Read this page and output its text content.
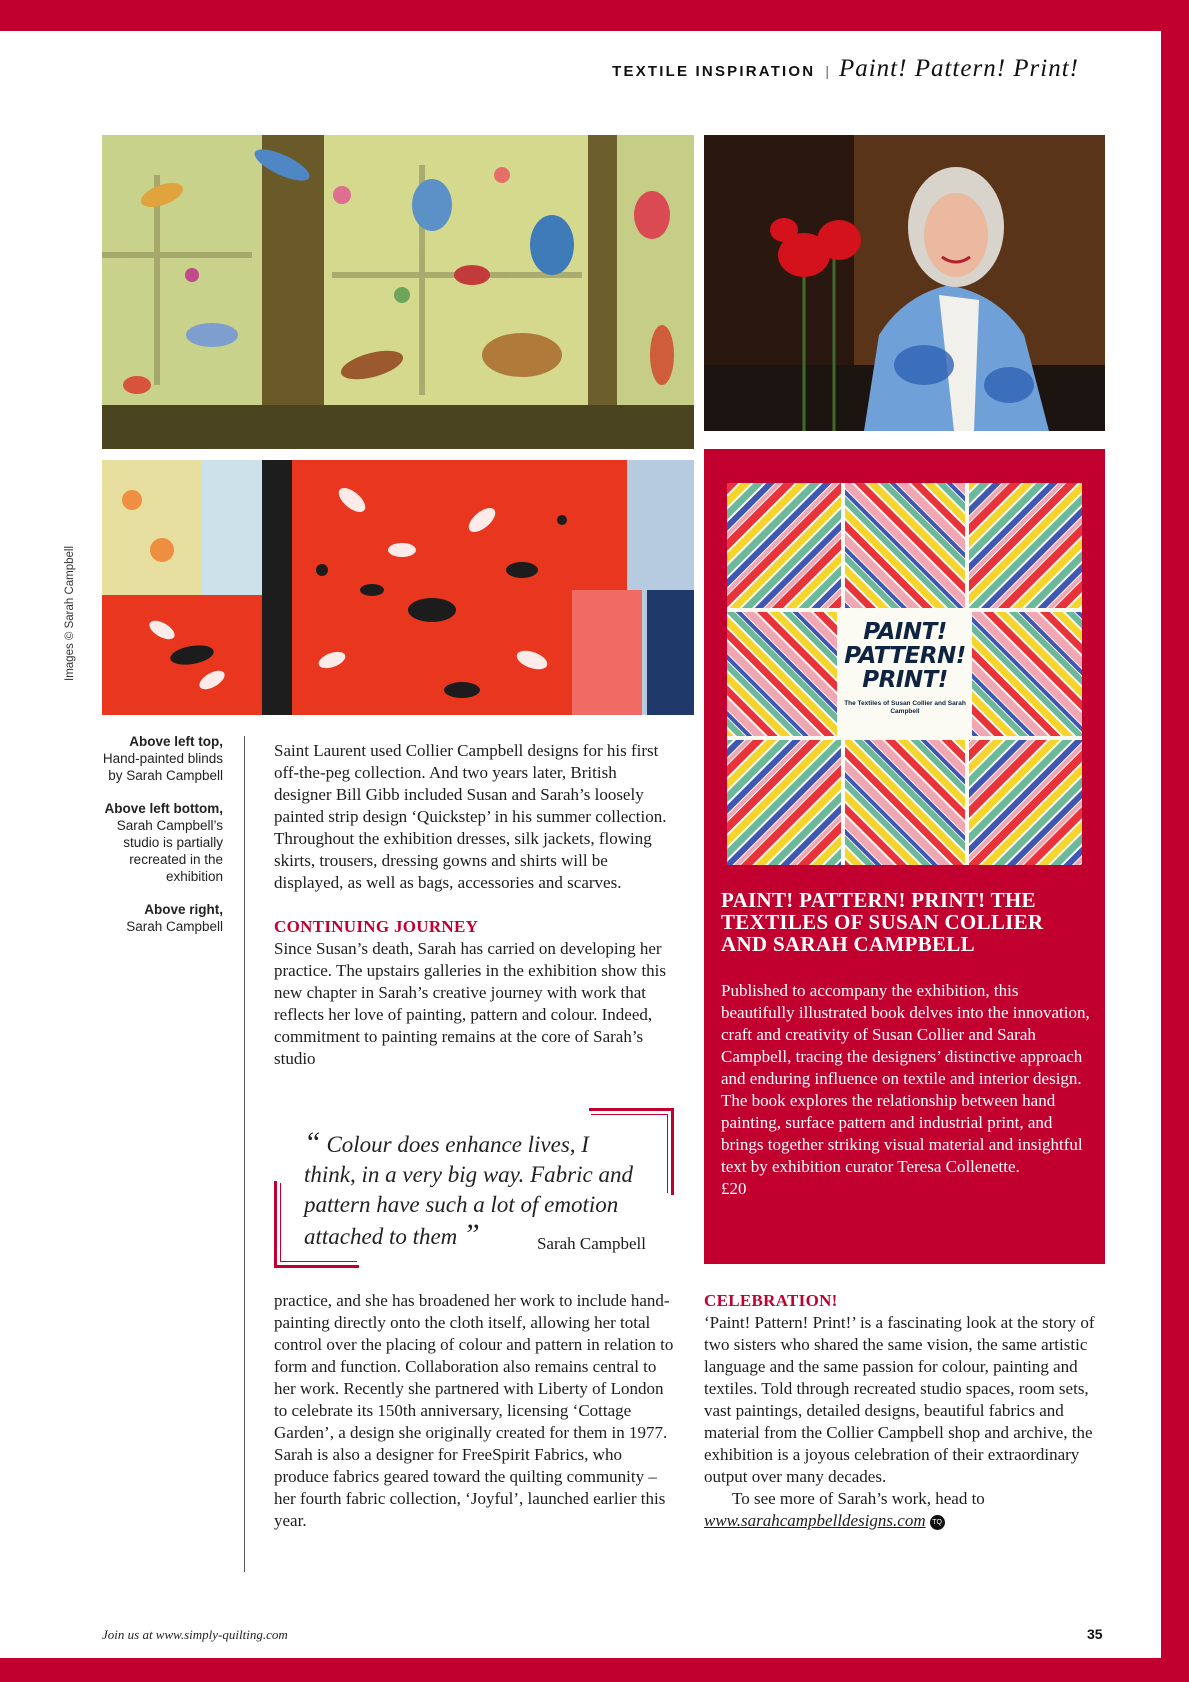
TEXTILE INSPIRATION | Paint! Pattern! Print!
Images © Sarah Campbell
Above left top,
Hand-painted blinds by Sarah Campbell
Above left bottom,
Sarah Campbell’s studio is partially recreated in the exhibition
Above right,
Sarah Campbell

Saint Laurent used Collier Campbell designs for his first off-the-peg collection. And two years later, British designer Bill Gibb included Susan and Sarah’s loosely painted strip design ‘Quickstep’ in his summer collection. Throughout the exhibition dresses, silk jackets, flowing skirts, trousers, dressing gowns and shirts will be displayed, as well as bags, accessories and scarves.

CONTINUING JOURNEY

Since Susan’s death, Sarah has carried on developing her practice. The upstairs galleries in the exhibition show this new chapter in Sarah’s creative journey with work that reflects her love of painting, pattern and colour. Indeed, commitment to painting remains at the core of Sarah’s studio

“ Colour does enhance lives, I think, in a very big way. Fabric and pattern have such a lot of emotion attached to them ”	Sarah Campbell

practice, and she has broadened her work to include hand-painting directly onto the cloth itself, allowing her total control over the placing of colour and pattern in relation to form and function. Collaboration also remains central to her work. Recently she partnered with Liberty of London to celebrate its 150th anniversary, licensing ‘Cottage Garden’, a design she originally created for them in 1977. Sarah is also a designer for FreeSpirit Fabrics, who produce fabrics geared toward the quilting community – her fourth fabric collection, ‘Joyful’, launched earlier this year.

PAINT! PATTERN! PRINT!
The Textiles of Susan Collier and Sarah Campbell
PAINT! PATTERN! PRINT! THE TEXTILES OF SUSAN COLLIER AND SARAH CAMPBELL
Published to accompany the exhibition, this beautifully illustrated book delves into the innovation, craft and creativity of Susan Collier and Sarah Campbell, tracing the designers’ distinctive approach and enduring influence on textile and interior design. The book explores the relationship between hand painting, surface pattern and industrial print, and brings together striking visual material and insightful text by exhibition curator Teresa Collenette.
£20

CELEBRATION!

‘Paint! Pattern! Print!’ is a fascinating look at the story of two sisters who shared the same vision, the same artistic language and the same passion for colour, painting and textiles. Told through recreated studio spaces, room sets, vast paintings, detailed designs, beautiful fabrics and material from the Collier Campbell shop and archive, the exhibition is a joyous celebration of their extraordinary output over many decades.

To see more of Sarah’s work, head to

www.sarahcampbelldesigns.com TQ

Join us at www.simply-quilting.com	35
